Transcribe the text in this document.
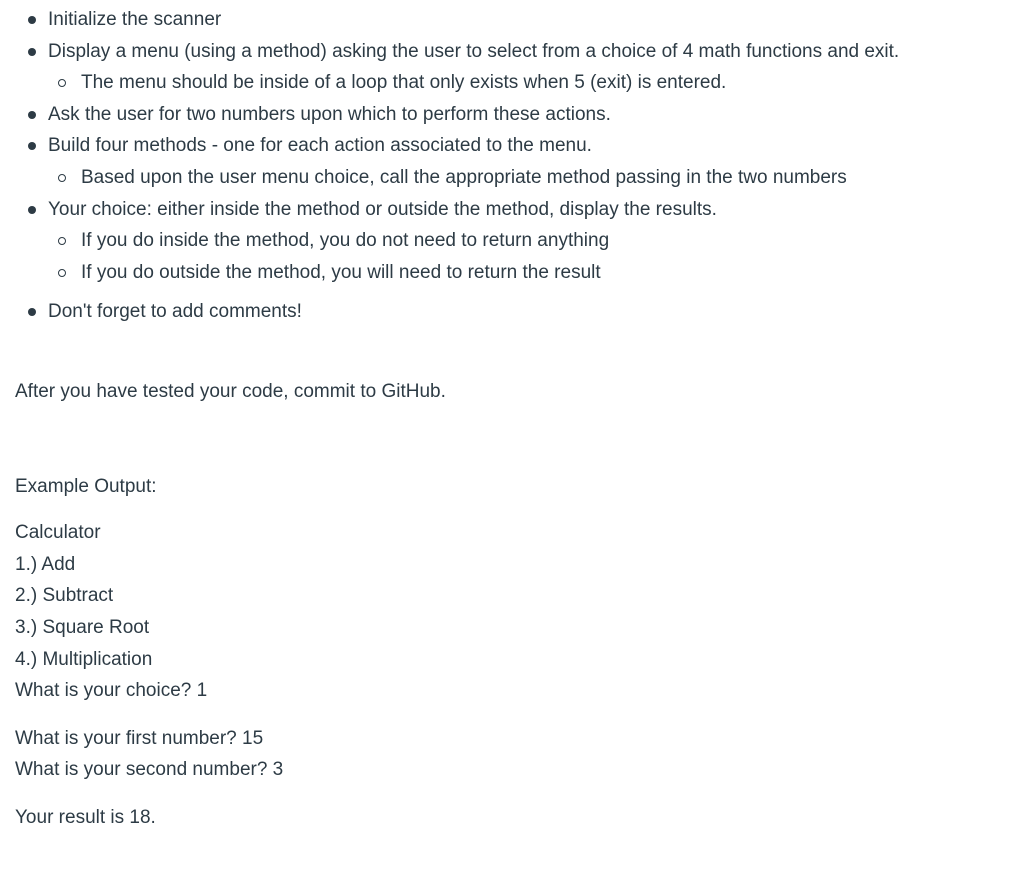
Initialize the scanner
Display a menu (using a method) asking the user to select from a choice of 4 math functions and exit.
The menu should be inside of a loop that only exists when 5 (exit) is entered.
Ask the user for two numbers upon which to perform these actions.
Build four methods - one for each action associated to the menu.
Based upon the user menu choice, call the appropriate method passing in the two numbers
Your choice: either inside the method or outside the method, display the results.
If you do inside the method, you do not need to return anything
If you do outside the method, you will need to return the result
Don't forget to add comments!

After you have tested your code, commit to GitHub.

Example Output:

Calculator
1.) Add
2.) Subtract
3.) Square Root
4.) Multiplication
What is your choice? 1
What is your first number? 15
What is your second number? 3
Your result is 18.
